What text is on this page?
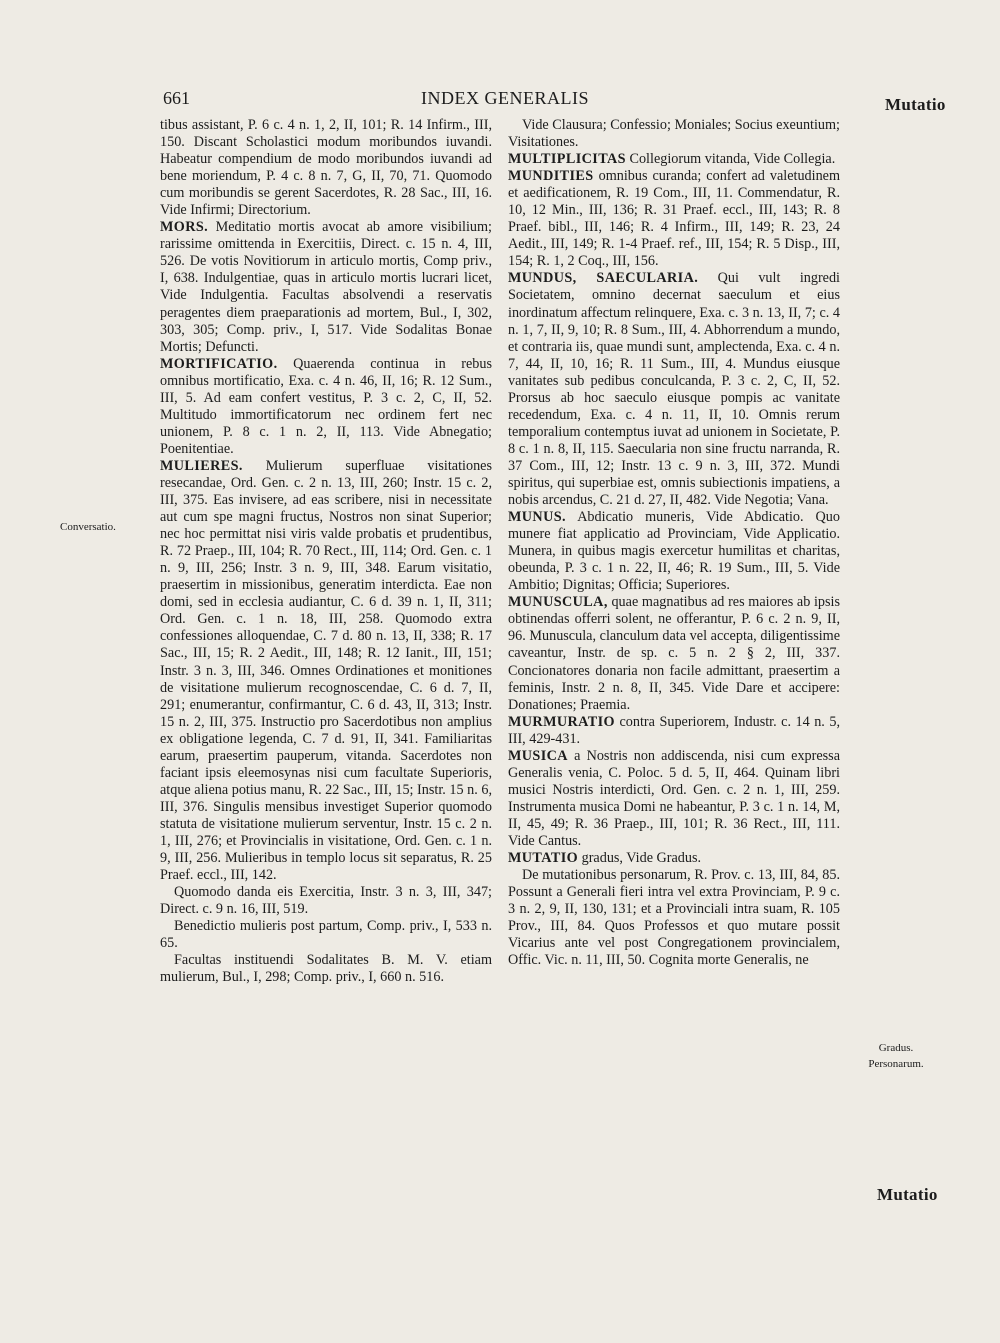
661	INDEX GENERALIS	Mutatio
Conversatio.
Gradus.
Personarum.

tibus assistant, P. 6 c. 4 n. 1, 2, II, 101; R. 14 Infirm., III, 150. Discant Scholastici modum moribundos iuvandi. Habeatur compendium de modo moribundos iuvandi ad bene moriendum, P. 4 c. 8 n. 7, G, II, 70, 71. Quomodo cum moribundis se gerent Sacerdotes, R. 28 Sac., III, 16. Vide Infirmi; Directorium.

MORS. Meditatio mortis avocat ab amore visibilium; rarissime omittenda in Exercitiis, Direct. c. 15 n. 4, III, 526. De votis Novitiorum in articulo mortis, Comp priv., I, 638. Indulgentiae, quas in articulo mortis lucrari licet, Vide Indulgentia. Facultas absolvendi a reservatis peragentes diem praeparationis ad mortem, Bul., I, 302, 303, 305; Comp. priv., I, 517. Vide Sodalitas Bonae Mortis; Defuncti.

MORTIFICATIO. Quaerenda continua in rebus omnibus mortificatio, Exa. c. 4 n. 46, II, 16; R. 12 Sum., III, 5. Ad eam confert vestitus, P. 3 c. 2, C, II, 52. Multitudo immortificatorum nec ordinem fert nec unionem, P. 8 c. 1 n. 2, II, 113. Vide Abnegatio; Poenitentiae.

MULIERES. Mulierum superfluae visitationes resecandae, Ord. Gen. c. 2 n. 13, III, 260; Instr. 15 c. 2, III, 375. Eas invisere, ad eas scribere, nisi in necessitate aut cum spe magni fructus, Nostros non sinat Superior; nec hoc permittat nisi viris valde probatis et prudentibus, R. 72 Praep., III, 104; R. 70 Rect., III, 114; Ord. Gen. c. 1 n. 9, III, 256; Instr. 3 n. 9, III, 348. Earum visitatio, praesertim in missionibus, generatim interdicta. Eae non domi, sed in ecclesia audiantur, C. 6 d. 39 n. 1, II, 311; Ord. Gen. c. 1 n. 18, III, 258. Quomodo extra confessiones alloquendae, C. 7 d. 80 n. 13, II, 338; R. 17 Sac., III, 15; R. 2 Aedit., III, 148; R. 12 Ianit., III, 151; Instr. 3 n. 3, III, 346. Omnes Ordinationes et monitiones de visitatione mulierum recognoscendae, C. 6 d. 7, II, 291; enumerantur, confirmantur, C. 6 d. 43, II, 313; Instr. 15 n. 2, III, 375. Instructio pro Sacerdotibus non amplius ex obligatione legenda, C. 7 d. 91, II, 341. Familiaritas earum, praesertim pauperum, vitanda. Sacerdotes non faciant ipsis eleemosynas nisi cum facultate Superioris, atque aliena potius manu, R. 22 Sac., III, 15; Instr. 15 n. 6, III, 376. Singulis mensibus investiget Superior quomodo statuta de visitatione mulierum serventur, Instr. 15 c. 2 n. 1, III, 276; et Provincialis in visitatione, Ord. Gen. c. 1 n. 9, III, 256. Mulieribus in templo locus sit separatus, R. 25 Praef. eccl., III, 142.

Quomodo danda eis Exercitia, Instr. 3 n. 3, III, 347; Direct. c. 9 n. 16, III, 519.

Benedictio mulieris post partum, Comp. priv., I, 533 n. 65.

Facultas instituendi Sodalitates B. M. V. etiam mulierum, Bul., I, 298; Comp. priv., I, 660 n. 516.

Vide Clausura; Confessio; Moniales; Socius exeuntium; Visitationes.

MULTIPLICITAS Collegiorum vitanda, Vide Collegia.

MUNDITIES omnibus curanda; confert ad valetudinem et aedificationem, R. 19 Com., III, 11. Commendatur, R. 10, 12 Min., III, 136; R. 31 Praef. eccl., III, 143; R. 8 Praef. bibl., III, 146; R. 4 Infirm., III, 149; R. 23, 24 Aedit., III, 149; R. 1-4 Praef. ref., III, 154; R. 5 Disp., III, 154; R. 1, 2 Coq., III, 156.

MUNDUS, SAECULARIA. Qui vult ingredi Societatem, omnino decernat saeculum et eius inordinatum affectum relinquere, Exa. c. 3 n. 13, II, 7; c. 4 n. 1, 7, II, 9, 10; R. 8 Sum., III, 4. Abhorrendum a mundo, et contraria iis, quae mundi sunt, amplectenda, Exa. c. 4 n. 7, 44, II, 10, 16; R. 11 Sum., III, 4. Mundus eiusque vanitates sub pedibus conculcanda, P. 3 c. 2, C, II, 52. Prorsus ab hoc saeculo eiusque pompis ac vanitate recedendum, Exa. c. 4 n. 11, II, 10. Omnis rerum temporalium contemptus iuvat ad unionem in Societate, P. 8 c. 1 n. 8, II, 115. Saecularia non sine fructu narranda, R. 37 Com., III, 12; Instr. 13 c. 9 n. 3, III, 372. Mundi spiritus, qui superbiae est, omnis subiectionis impatiens, a nobis arcendus, C. 21 d. 27, II, 482. Vide Negotia; Vana.

MUNUS. Abdicatio muneris, Vide Abdicatio. Quo munere fiat applicatio ad Provinciam, Vide Applicatio. Munera, in quibus magis exercetur humilitas et charitas, obeunda, P. 3 c. 1 n. 22, II, 46; R. 19 Sum., III, 5. Vide Ambitio; Dignitas; Officia; Superiores.

MUNUSCULA, quae magnatibus ad res maiores ab ipsis obtinendas offerri solent, ne offerantur, P. 6 c. 2 n. 9, II, 96. Munuscula, clanculum data vel accepta, diligentissime caveantur, Instr. de sp. c. 5 n. 2 § 2, III, 337. Concionatores donaria non facile admittant, praesertim a feminis, Instr. 2 n. 8, II, 345. Vide Dare et accipere: Donationes; Praemia.

MURMURATIO contra Superiorem, Industr. c. 14 n. 5, III, 429-431.

MUSICA a Nostris non addiscenda, nisi cum expressa Generalis venia, C. Poloc. 5 d. 5, II, 464. Quinam libri musici Nostris interdicti, Ord. Gen. c. 2 n. 1, III, 259. Instrumenta musica Domi ne habeantur, P. 3 c. 1 n. 14, M, II, 45, 49; R. 36 Praep., III, 101; R. 36 Rect., III, 111. Vide Cantus.

MUTATIO gradus, Vide Gradus.

De mutationibus personarum, R. Prov. c. 13, III, 84, 85. Possunt a Generali fieri intra vel extra Provinciam, P. 9 c. 3 n. 2, 9, II, 130, 131; et a Provinciali intra suam, R. 105 Prov., III, 84. Quos Professos et quo mutare possit Vicarius ante vel post Congregationem provincialem, Offic. Vic. n. 11, III, 50. Cognita morte Generalis, ne

Mutatio
